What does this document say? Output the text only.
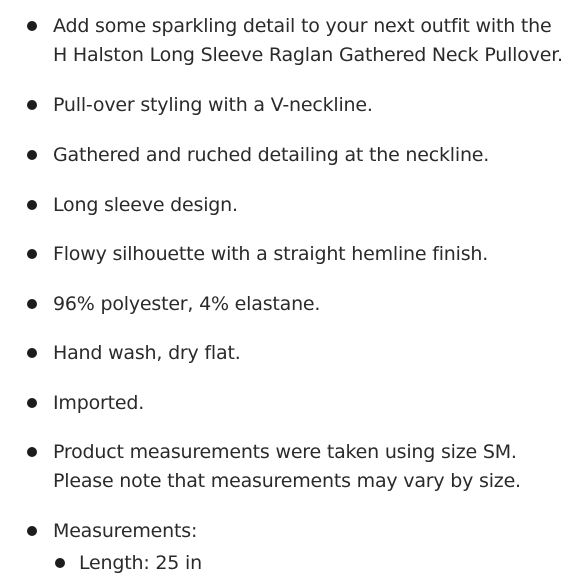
Add some sparkling detail to your next outfit with the H Halston Long Sleeve Raglan Gathered Neck Pullover.
Pull-over styling with a V-neckline.
Gathered and ruched detailing at the neckline.
Long sleeve design.
Flowy silhouette with a straight hemline finish.
96% polyester, 4% elastane.
Hand wash, dry flat.
Imported.
Product measurements were taken using size SM. Please note that measurements may vary by size.
Measurements:
Length: 25 in
